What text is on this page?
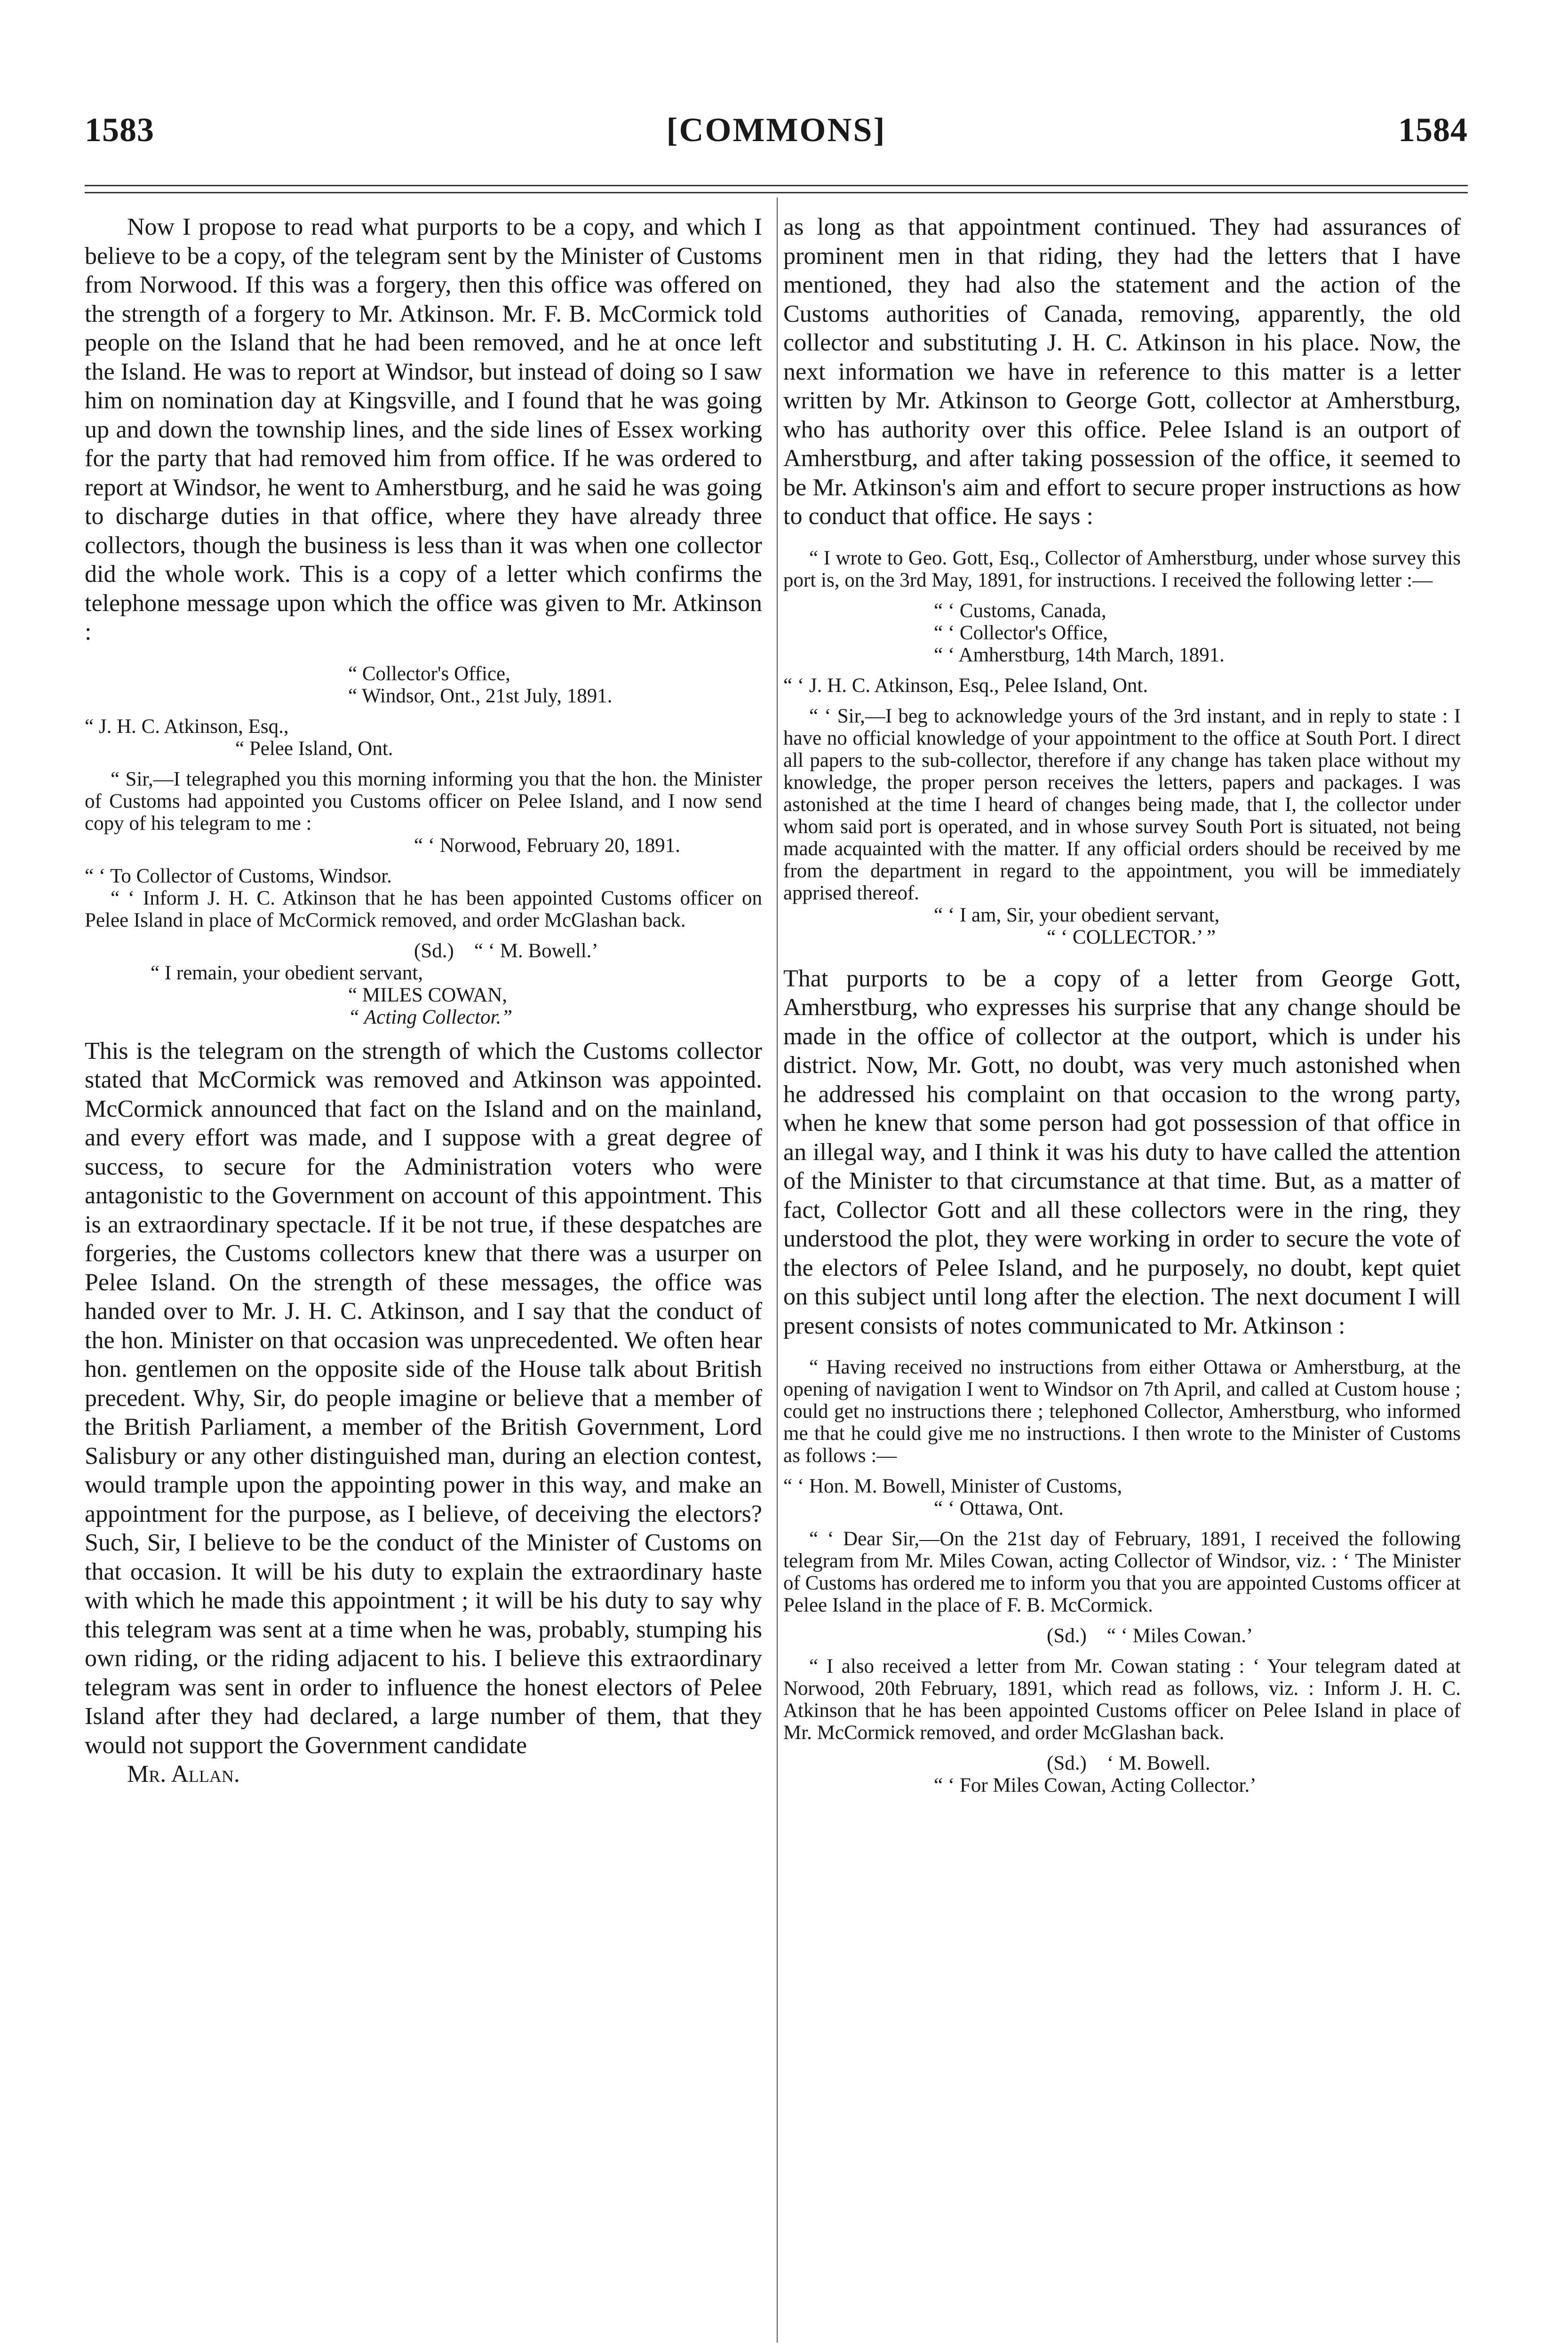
1583	[COMMONS]	1584

Now I propose to read what purports to be a copy, and which I believe to be a copy, of the telegram sent by the Minister of Customs from Norwood. If this was a forgery, then this office was offered on the strength of a forgery to Mr. Atkinson. Mr. F. B. McCormick told people on the Island that he had been removed, and he at once left the Island. He was to report at Windsor, but instead of doing so I saw him on nomination day at Kingsville, and I found that he was going up and down the township lines, and the side lines of Essex working for the party that had removed him from office. If he was ordered to report at Windsor, he went to Amherstburg, and he said he was going to discharge duties in that office, where they have already three collectors, though the business is less than it was when one collector did the whole work. This is a copy of a letter which confirms the telephone message upon which the office was given to Mr. Atkinson :

“ Collector's Office,

“ Windsor, Ont., 21st July, 1891.

“ J. H. C. Atkinson, Esq.,

“ Pelee Island, Ont.

“ Sir,—I telegraphed you this morning informing you that the hon. the Minister of Customs had appointed you Customs officer on Pelee Island, and I now send copy of his telegram to me :

“ ‘ Norwood, February 20, 1891.

“ ‘ To Collector of Customs, Windsor.

“ ‘ Inform J. H. C. Atkinson that he has been appointed Customs officer on Pelee Island in place of McCormick removed, and order McGlashan back.

(Sd.) “ ‘ M. Bowell.’

“ I remain, your obedient servant,

“ MILES COWAN,

“ Acting Collector.”

This is the telegram on the strength of which the Customs collector stated that McCormick was removed and Atkinson was appointed. McCormick announced that fact on the Island and on the mainland, and every effort was made, and I suppose with a great degree of success, to secure for the Administration voters who were antagonistic to the Government on account of this appointment. This is an extraordinary spectacle. If it be not true, if these despatches are forgeries, the Customs collectors knew that there was a usurper on Pelee Island. On the strength of these messages, the office was handed over to Mr. J. H. C. Atkinson, and I say that the conduct of the hon. Minister on that occasion was unprecedented. We often hear hon. gentlemen on the opposite side of the House talk about British precedent. Why, Sir, do people imagine or believe that a member of the British Parliament, a member of the British Government, Lord Salisbury or any other distinguished man, during an election contest, would trample upon the appointing power in this way, and make an appointment for the purpose, as I believe, of deceiving the electors? Such, Sir, I believe to be the conduct of the Minister of Customs on that occasion. It will be his duty to explain the extraordinary haste with which he made this appointment ; it will be his duty to say why this telegram was sent at a time when he was, probably, stumping his own riding, or the riding adjacent to his. I believe this extraordinary telegram was sent in order to influence the honest electors of Pelee Island after they had declared, a large number of them, that they would not support the Government candidate

Mr. Allan.

as long as that appointment continued. They had assurances of prominent men in that riding, they had the letters that I have mentioned, they had also the statement and the action of the Customs authorities of Canada, removing, apparently, the old collector and substituting J. H. C. Atkinson in his place. Now, the next information we have in reference to this matter is a letter written by Mr. Atkinson to George Gott, collector at Amherstburg, who has authority over this office. Pelee Island is an outport of Amherstburg, and after taking possession of the office, it seemed to be Mr. Atkinson's aim and effort to secure proper instructions as how to conduct that office. He says :

“ I wrote to Geo. Gott, Esq., Collector of Amherstburg, under whose survey this port is, on the 3rd May, 1891, for instructions. I received the following letter :—

“ ‘ Customs, Canada,

“ ‘ Collector's Office,

“ ‘ Amherstburg, 14th March, 1891.

“ ‘ J. H. C. Atkinson, Esq., Pelee Island, Ont.

“ ‘ Sir,—I beg to acknowledge yours of the 3rd instant, and in reply to state : I have no official knowledge of your appointment to the office at South Port. I direct all papers to the sub-collector, therefore if any change has taken place without my knowledge, the proper person receives the letters, papers and packages. I was astonished at the time I heard of changes being made, that I, the collector under whom said port is operated, and in whose survey South Port is situated, not being made acquainted with the matter. If any official orders should be received by me from the department in regard to the appointment, you will be immediately apprised thereof.

“ ‘ I am, Sir, your obedient servant,

“ ‘ COLLECTOR.’ ”

That purports to be a copy of a letter from George Gott, Amherstburg, who expresses his surprise that any change should be made in the office of collector at the outport, which is under his district. Now, Mr. Gott, no doubt, was very much astonished when he addressed his complaint on that occasion to the wrong party, when he knew that some person had got possession of that office in an illegal way, and I think it was his duty to have called the attention of the Minister to that circumstance at that time. But, as a matter of fact, Collector Gott and all these collectors were in the ring, they understood the plot, they were working in order to secure the vote of the electors of Pelee Island, and he purposely, no doubt, kept quiet on this subject until long after the election. The next document I will present consists of notes communicated to Mr. Atkinson :

“ Having received no instructions from either Ottawa or Amherstburg, at the opening of navigation I went to Windsor on 7th April, and called at Custom house ; could get no instructions there ; telephoned Collector, Amherstburg, who informed me that he could give me no instructions. I then wrote to the Minister of Customs as follows :—

“ ‘ Hon. M. Bowell, Minister of Customs,

“ ‘ Ottawa, Ont.

“ ‘ Dear Sir,—On the 21st day of February, 1891, I received the following telegram from Mr. Miles Cowan, acting Collector of Windsor, viz. : ‘ The Minister of Customs has ordered me to inform you that you are appointed Customs officer at Pelee Island in the place of F. B. McCormick.

(Sd.) “ ‘ Miles Cowan.’

“ I also received a letter from Mr. Cowan stating : ‘ Your telegram dated at Norwood, 20th February, 1891, which read as follows, viz. : Inform J. H. C. Atkinson that he has been appointed Customs officer on Pelee Island in place of Mr. McCormick removed, and order McGlashan back.

(Sd.) ‘ M. Bowell.

“ ‘ For Miles Cowan, Acting Collector.’
